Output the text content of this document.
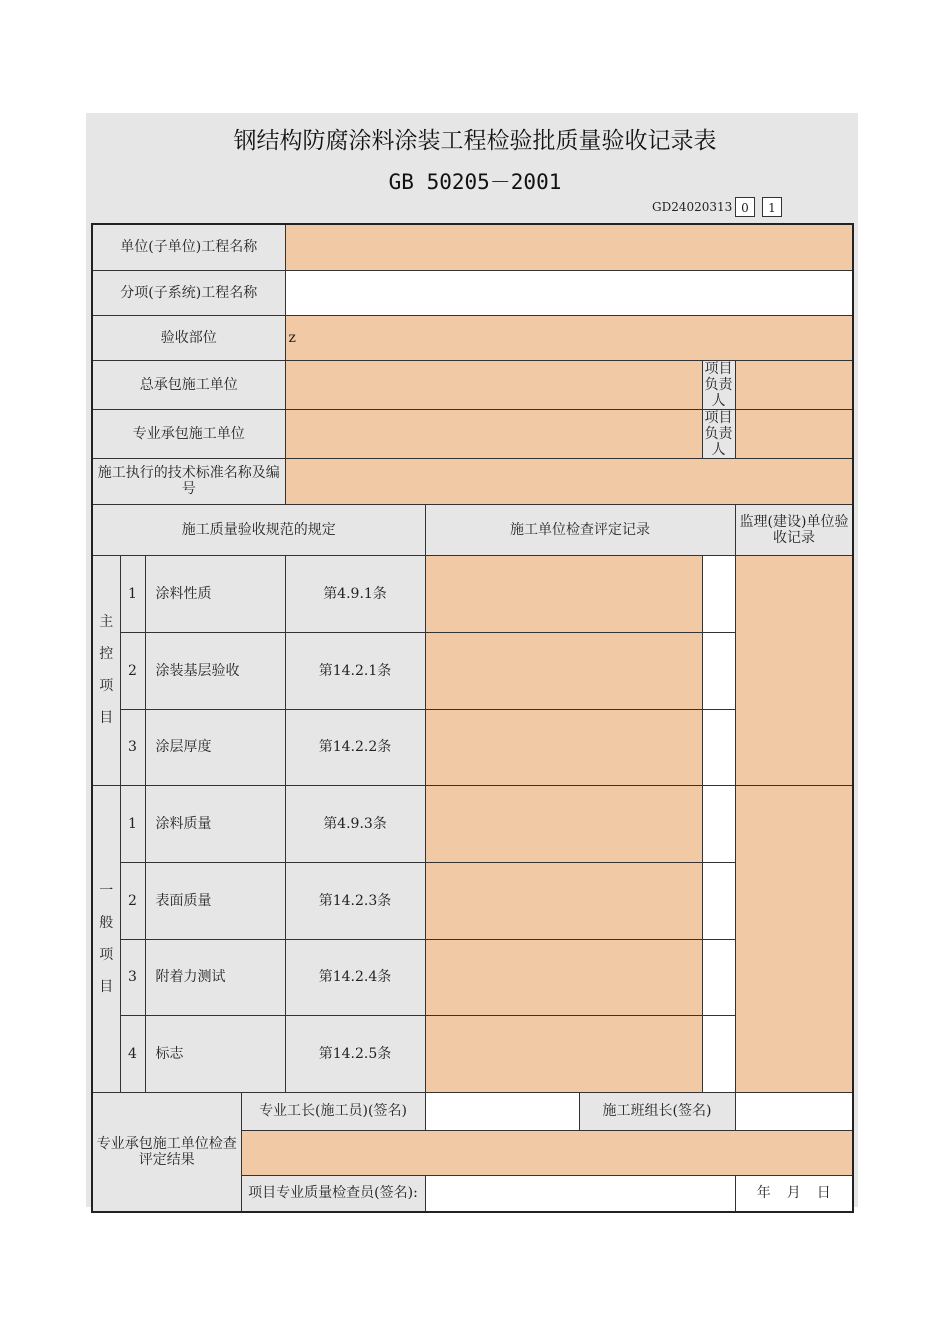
钢结构防腐涂料涂装工程检验批质量验收记录表
GB 50205－2001
GD24020313 0	1
单位(子单位)工程名称								
分项(子系统)工程名称								
验收部位				z				
总承包施工单位							项目负责人	
专业承包施工单位							项目负责人	
施工执行的技术标准名称及编号								
施工质量验收规范的规定					施工单位检查评定记录			监理(建设)单位验收记录
主控项目	1	涂料性质		第4.9.1条				
	2	涂装基层验收		第14.2.1条				
	3	涂层厚度		第14.2.2条				
一般项目	1	涂料质量		第4.9.3条				
	2	表面质量		第14.2.3条				
	3	附着力测试		第14.2.4条				
	4	标志		第14.2.5条				
专业承包施工单位检查评定结果			专业工长(施工员)(签名)			施工班组长(签名)		

			项目专业质量检查员(签名):					年 月 日
